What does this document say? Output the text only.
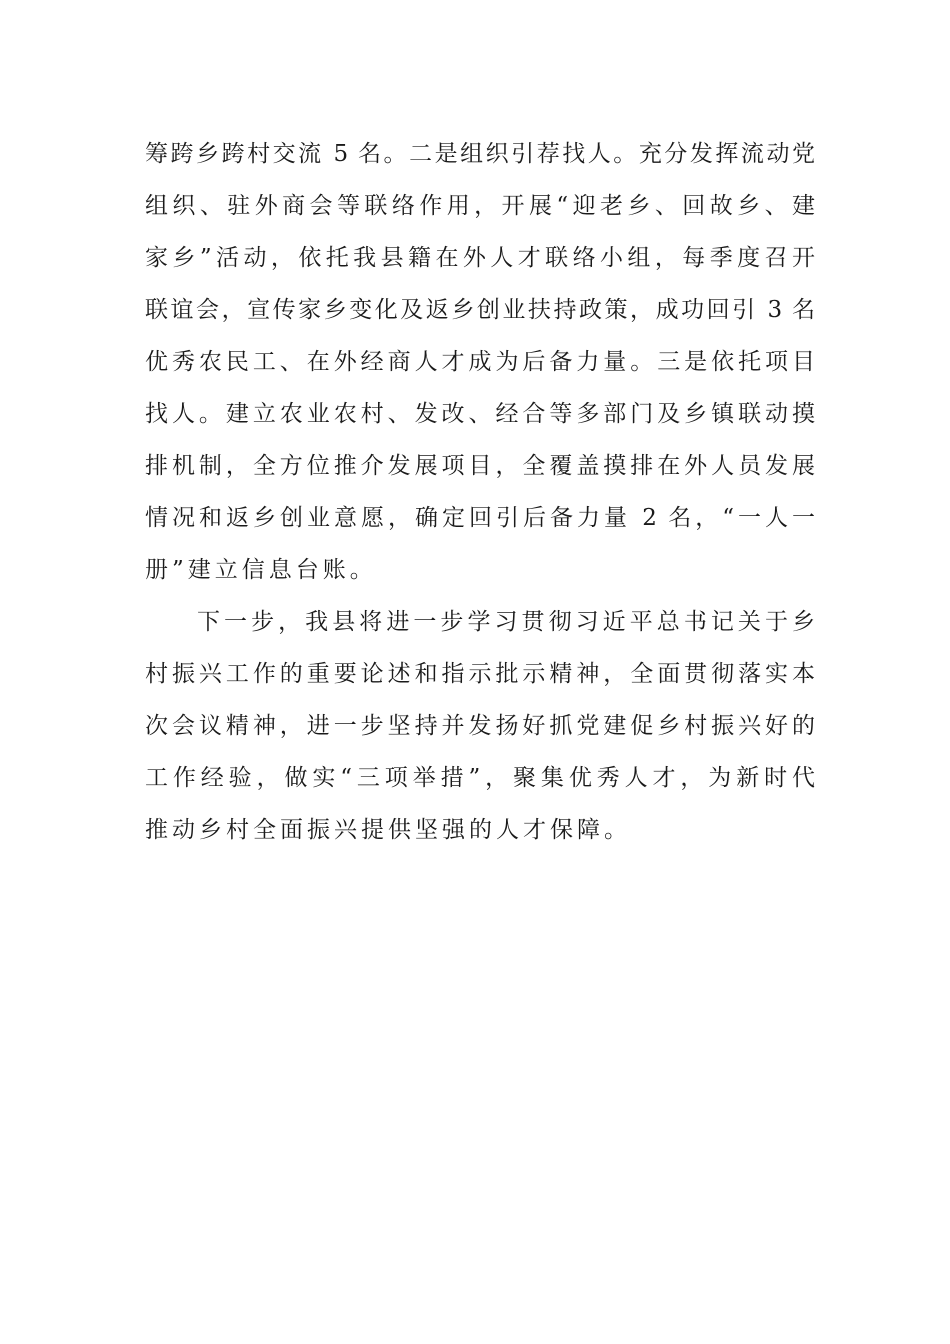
筹跨乡跨村交流 5 名。二是组织引荐找人。充分发挥流动党
组织、驻外商会等联络作用，开展“迎老乡、回故乡、建
家乡”活动，依托我县籍在外人才联络小组，每季度召开
联谊会，宣传家乡变化及返乡创业扶持政策，成功回引 3 名
优秀农民工、在外经商人才成为后备力量。三是依托项目
找人。建立农业农村、发改、经合等多部门及乡镇联动摸
排机制，全方位推介发展项目，全覆盖摸排在外人员发展
情况和返乡创业意愿，确定回引后备力量 2 名，“一人一
册”建立信息台账。
下一步，我县将进一步学习贯彻习近平总书记关于乡
村振兴工作的重要论述和指示批示精神，全面贯彻落实本
次会议精神，进一步坚持并发扬好抓党建促乡村振兴好的
工作经验，做实“三项举措”，聚集优秀人才，为新时代
推动乡村全面振兴提供坚强的人才保障。
